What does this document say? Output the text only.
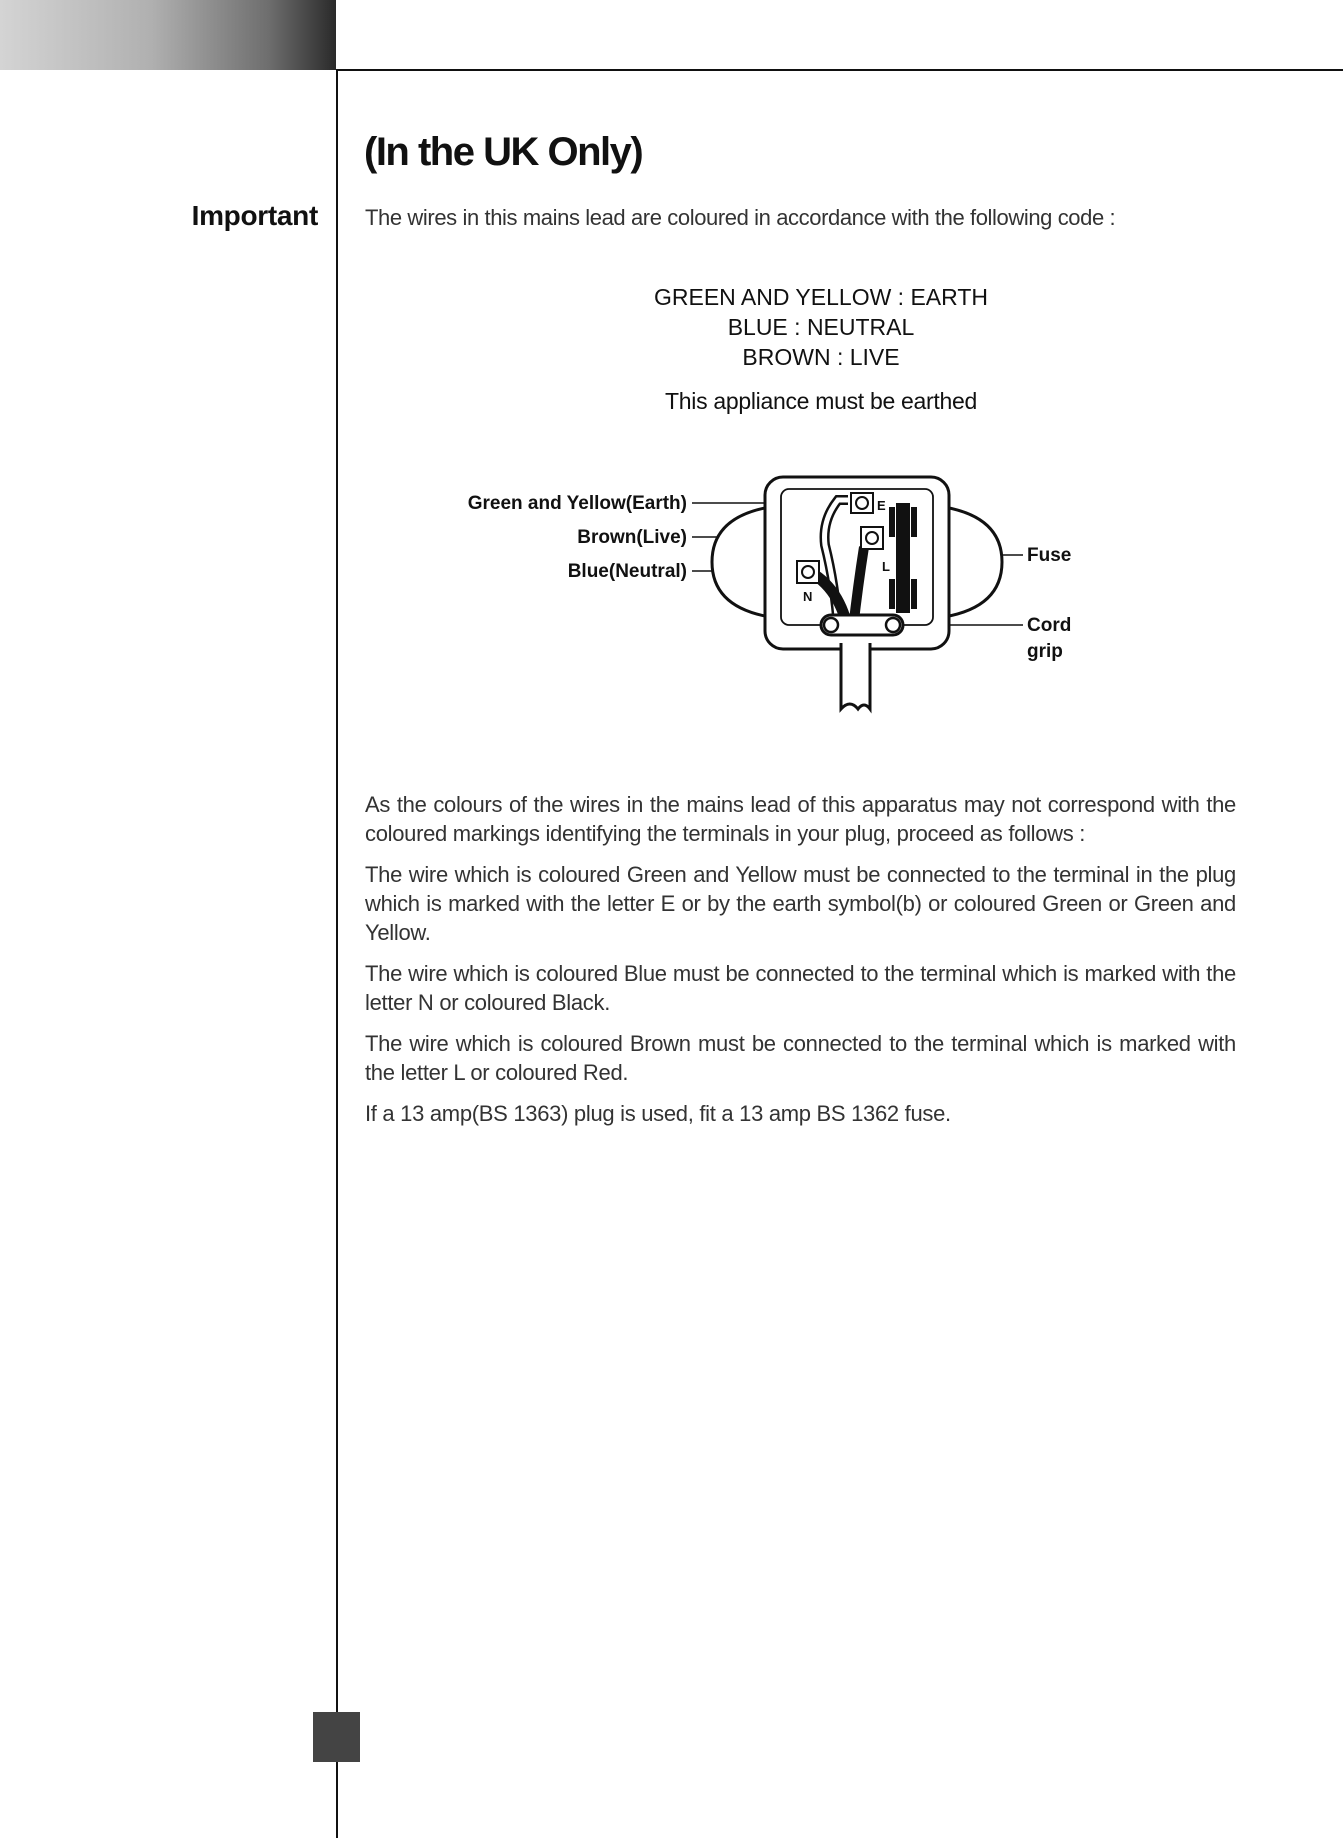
Important
(In the UK Only)

The wires in this mains lead are coloured in accordance with the following code :

GREEN AND YELLOW : EARTH
BLUE : NEUTRAL
BROWN : LIVE

This appliance must be earthed

Green and Yellow(Earth)
Brown(Live)
Blue(Neutral)
Fuse
Cord
grip
E
L
N

As the colours of the wires in the mains lead of this apparatus may not correspond with the coloured markings identifying the terminals in your plug, proceed as follows :

The wire which is coloured Green and Yellow must be connected to the terminal in the plug which is marked with the letter E or by the earth symbol(b) or coloured Green or Green and Yellow.

The wire which is coloured Blue must be connected to the terminal which is marked with the letter N or coloured Black.

The wire which is coloured Brown must be connected to the terminal which is marked with the letter L or coloured Red.

If a 13 amp(BS 1363) plug is used, fit a 13 amp BS 1362 fuse.
